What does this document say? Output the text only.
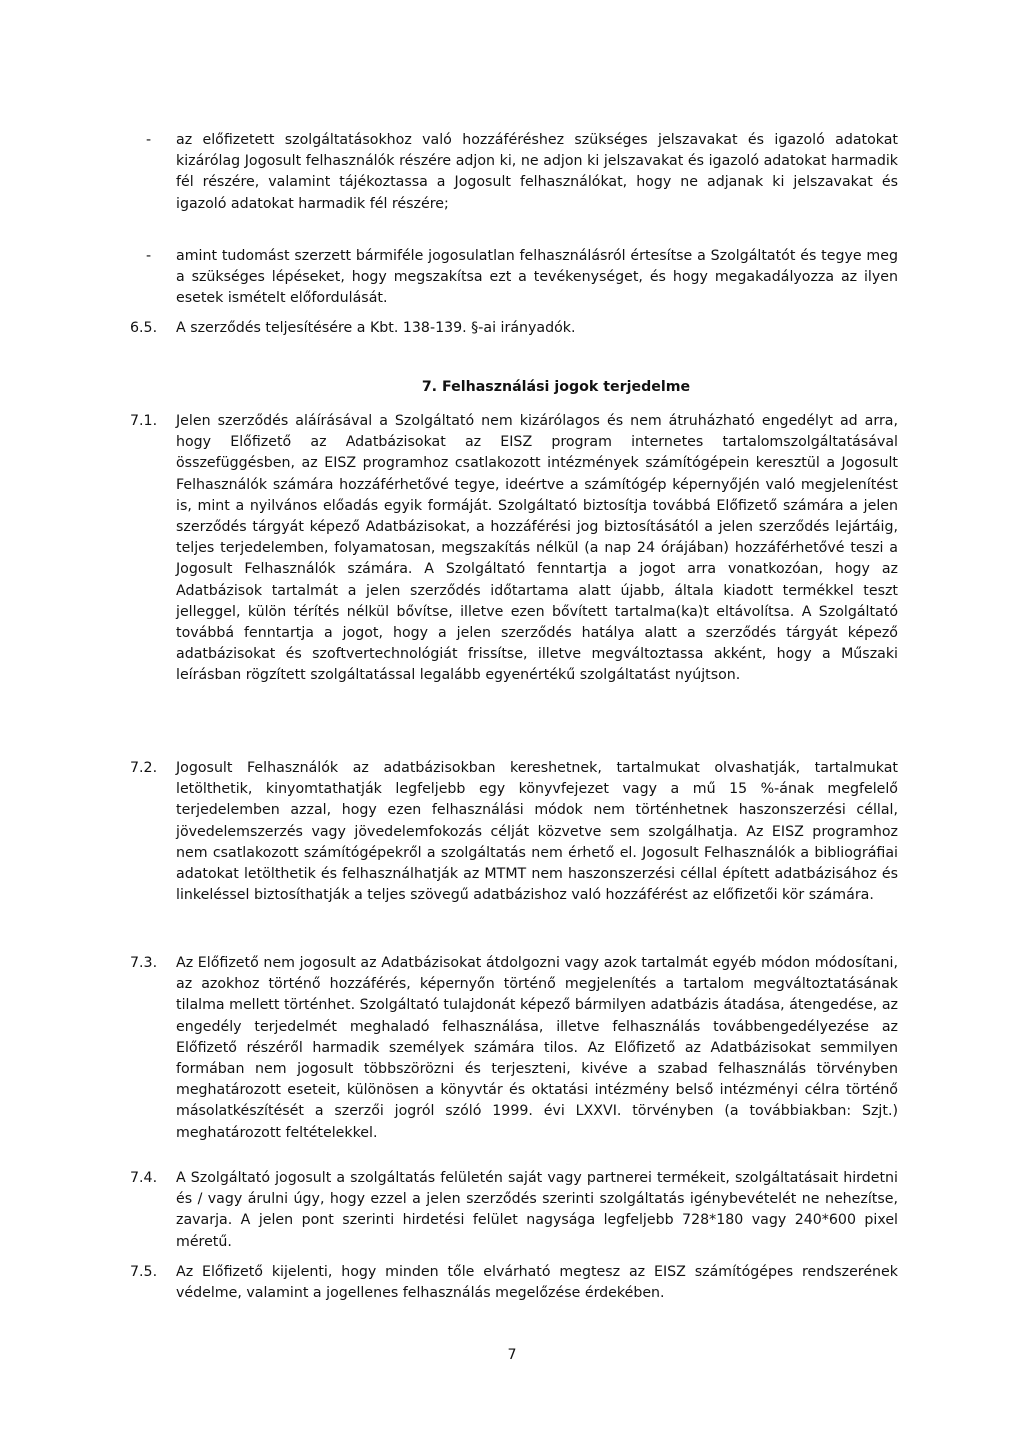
- az előfizetett szolgáltatásokhoz való hozzáféréshez szükséges jelszavakat és igazoló adatokat kizárólag Jogosult felhasználók részére adjon ki, ne adjon ki jelszavakat és igazoló adatokat harmadik fél részére, valamint tájékoztassa a Jogosult felhasználókat, hogy ne adjanak ki jelszavakat és igazoló adatokat harmadik fél részére;
- amint tudomást szerzett bármiféle jogosulatlan felhasználásról értesítse a Szolgáltatót és tegye meg a szükséges lépéseket, hogy megszakítsa ezt a tevékenységet, és hogy megakadályozza az ilyen esetek ismételt előfordulását.
6.5.	A szerződés teljesítésére a Kbt. 138-139. §-ai irányadók.
7. Felhasználási jogok terjedelme
7.1.	Jelen szerződés aláírásával a Szolgáltató nem kizárólagos és nem átruházható engedélyt ad arra, hogy Előfizető az Adatbázisokat az EISZ program internetes tartalomszolgáltatásával összefüggésben, az EISZ programhoz csatlakozott intézmények számítógépein keresztül a Jogosult Felhasználók számára hozzáférhetővé tegye, ideértve a számítógép képernyőjén való megjelenítést is, mint a nyilvános előadás egyik formáját. Szolgáltató biztosítja továbbá Előfizető számára a jelen szerződés tárgyát képező Adatbázisokat, a hozzáférési jog biztosításától a jelen szerződés lejártáig, teljes terjedelemben, folyamatosan, megszakítás nélkül (a nap 24 órájában) hozzáférhetővé teszi a Jogosult Felhasználók számára. A Szolgáltató fenntartja a jogot arra vonatkozóan, hogy az Adatbázisok tartalmát a jelen szerződés időtartama alatt újabb, általa kiadott termékkel teszt jelleggel, külön térítés nélkül bővítse, illetve ezen bővített tartalma(ka)t eltávolítsa. A Szolgáltató továbbá fenntartja a jogot, hogy a jelen szerződés hatálya alatt a szerződés tárgyát képező adatbázisokat és szoftvertechnológiát frissítse, illetve megváltoztassa akként, hogy a Műszaki leírásban rögzített szolgáltatással legalább egyenértékű szolgáltatást nyújtson.
7.2.	Jogosult Felhasználók az adatbázisokban kereshetnek, tartalmukat olvashatják, tartalmukat letölthetik, kinyomtathatják legfeljebb egy könyvfejezet vagy a mű 15 %-ának megfelelő terjedelemben azzal, hogy ezen felhasználási módok nem történhetnek haszonszerzési céllal, jövedelemszerzés vagy jövedelemfokozás célját közvetve sem szolgálhatja. Az EISZ programhoz nem csatlakozott számítógépekről a szolgáltatás nem érhető el. Jogosult Felhasználók a bibliográfiai adatokat letölthetik és felhasználhatják az MTMT nem haszonszerzési céllal épített adatbázisához és linkeléssel biztosíthatják a teljes szövegű adatbázishoz való hozzáférést az előfizetői kör számára.
7.3.	Az Előfizető nem jogosult az Adatbázisokat átdolgozni vagy azok tartalmát egyéb módon módosítani, az azokhoz történő hozzáférés, képernyőn történő megjelenítés a tartalom megváltoztatásának tilalma mellett történhet. Szolgáltató tulajdonát képező bármilyen adatbázis átadása, átengedése, az engedély terjedelmét meghaladó felhasználása, illetve felhasználás továbbengedélyezése az Előfizető részéről harmadik személyek számára tilos. Az Előfizető az Adatbázisokat semmilyen formában nem jogosult többszörözni és terjeszteni, kivéve a szabad felhasználás törvényben meghatározott eseteit, különösen a könyvtár és oktatási intézmény belső intézményi célra történő másolatkészítését a szerzői jogról szóló 1999. évi LXXVI. törvényben (a továbbiakban: Szjt.) meghatározott feltételekkel.
7.4.	A Szolgáltató jogosult a szolgáltatás felületén saját vagy partnerei termékeit, szolgáltatásait hirdetni és / vagy árulni úgy, hogy ezzel a jelen szerződés szerinti szolgáltatás igénybevételét ne nehezítse, zavarja. A jelen pont szerinti hirdetési felület nagysága legfeljebb 728*180 vagy 240*600 pixel méretű.
7.5.	Az Előfizető kijelenti, hogy minden tőle elvárható megtesz az EISZ számítógépes rendszerének védelme, valamint a jogellenes felhasználás megelőzése érdekében.
7
